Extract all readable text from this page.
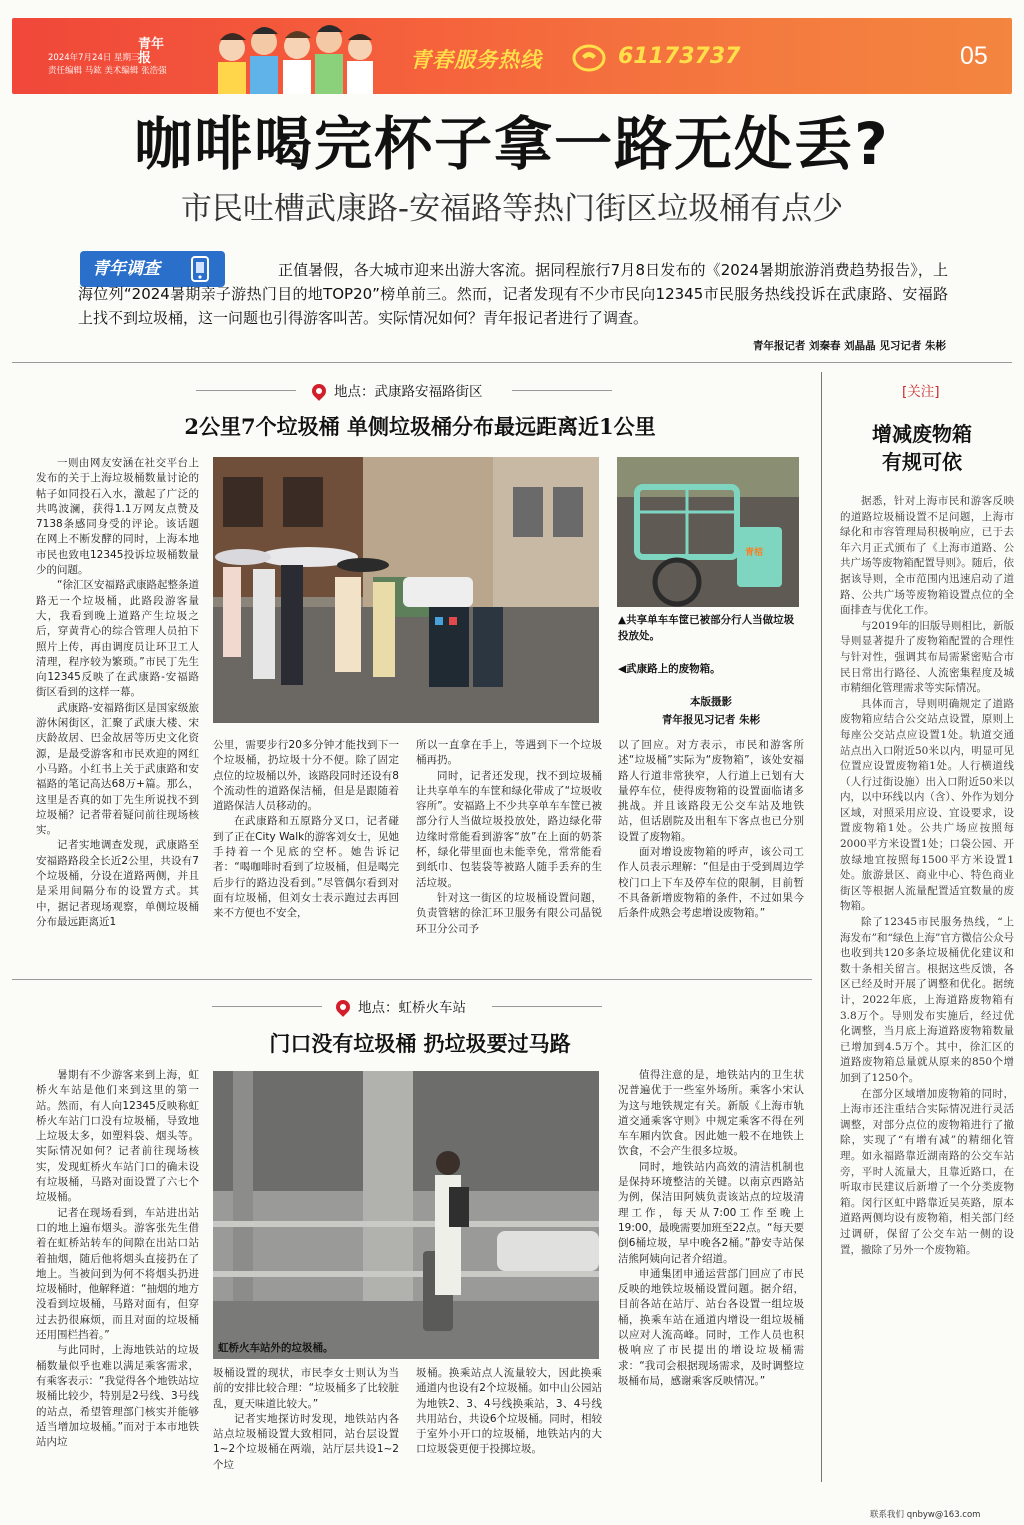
2024年7月24日 星期三
责任编辑 马鈜 美术编辑 张浩强
青年报	青春服务热线	61173737	05
咖啡喝完杯子拿一路无处丢?
市民吐槽武康路-安福路等热门街区垃圾桶有点少
青年调查	正值暑假，各大城市迎来出游大客流。据同程旅行7月8日发布的《2024暑期旅游消费趋势报告》，上海位列“2024暑期亲子游热门目的地TOP20”榜单前三。然而，记者发现有不少市民向12345市民服务热线投诉在武康路、安福路上找不到垃圾桶，这一问题也引得游客叫苦。实际情况如何？青年报记者进行了调查。
青年报记者 刘秦春 刘晶晶 见习记者 朱彬
地点：武康路安福路街区
2公里7个垃圾桶 单侧垃圾桶分布最远距离近1公里

一则由网友安涵在社交平台上发布的关于上海垃圾桶数量讨论的帖子如同投石入水，激起了广泛的共鸣波澜，获得1.1万网友点赞及7138条感同身受的评论。该话题在网上不断发酵的同时，上海本地市民也致电12345投诉垃圾桶数量少的问题。

“徐汇区安福路武康路起整条道路无一个垃圾桶，此路段游客量大，我看到晚上道路产生垃圾之后，穿黄背心的综合管理人员拍下照片上传，再由调度员让环卫工人清理，程序较为繁琐。”市民丁先生向12345反映了在武康路-安福路街区看到的这样一幕。

武康路-安福路街区是国家级旅游休闲街区，汇聚了武康大楼、宋庆龄故居、巴金故居等历史文化资源，是最受游客和市民欢迎的网红小马路。小红书上关于武康路和安福路的笔记高达68万+篇。那么，这里是否真的如丁先生所说找不到垃圾桶？记者带着疑问前往现场核实。

记者实地调查发现，武康路至安福路路段全长近2公里，共设有7个垃圾桶，分设在道路两侧，并且是采用间隔分布的设置方式。其中，据记者现场观察，单侧垃圾桶分布最远距离近1

青桔
▲共享单车车筐已被部分行人当做垃圾投放处。
◀武康路上的废物箱。
本版摄影
青年报见习记者 朱彬

公里，需要步行20多分钟才能找到下一个垃圾桶，扔垃圾十分不便。除了固定点位的垃圾桶以外，该路段同时还设有8个流动性的道路保洁桶，但是是跟随着道路保洁人员移动的。

在武康路和五原路分叉口，记者碰到了正在City Walk的游客刘女士，见她手持着一个见底的空杯。她告诉记者：“喝咖啡时看到了垃圾桶，但是喝完后步行的路边没看到。”尽管偶尔看到对面有垃圾桶，但刘女士表示跑过去再回来不方便也不安全，

所以一直拿在手上，等遇到下一个垃圾桶再扔。

同时，记者还发现，找不到垃圾桶让共享单车的车筐和绿化带成了“垃圾收容所”。安福路上不少共享单车车筐已被部分行人当做垃圾投放处，路边绿化带边缘时常能看到游客“放”在上面的奶茶杯，绿化带里面也未能幸免，常常能看到纸巾、包装袋等被路人随手丢弃的生活垃圾。

针对这一街区的垃圾桶设置问题，负责管辖的徐汇环卫服务有限公司晶锐环卫分公司予

以了回应。对方表示，市民和游客所述“垃圾桶”实际为“废物箱”，该处安福路人行道非常狭窄，人行道上已划有大量停车位，使得废物箱的设置面临诸多挑战。并且该路段无公交车站及地铁站，但话剧院及出租车下客点也已分别设置了废物箱。

面对增设废物箱的呼声，该公司工作人员表示理解：“但是由于受到周边学校门口上下车及停车位的限制，目前暂不具备新增废物箱的条件，不过如果今后条件成熟会考虑增设废物箱。”

地点：虹桥火车站
门口没有垃圾桶 扔垃圾要过马路

暑期有不少游客来到上海，虹桥火车站是他们来到这里的第一站。然而，有人向12345反映称虹桥火车站门口没有垃圾桶，导致地上垃圾太多，如塑料袋、烟头等。实际情况如何？记者前往现场核实，发现虹桥火车站门口的确未设有垃圾桶，马路对面设置了六七个垃圾桶。

记者在现场看到，车站进出站口的地上遍布烟头。游客张先生借着在虹桥站转车的间隙在出站口站着抽烟，随后他将烟头直接扔在了地上。当被问到为何不将烟头扔进垃圾桶时，他解释道：“抽烟的地方没看到垃圾桶，马路对面有，但穿过去扔很麻烦，而且对面的垃圾桶还用围栏挡着。”

与此同时，上海地铁站的垃圾桶数量似乎也难以满足乘客需求，有乘客表示：“我觉得各个地铁站垃圾桶比较少，特别是2号线、3号线的站点，希望管理部门核实并能够适当增加垃圾桶。”而对于本市地铁站内垃

虹桥火车站外的垃圾桶。

圾桶设置的现状，市民李女士则认为当前的安排比较合理：“垃圾桶多了比较脏乱，夏天味道比较大。”

记者实地探访时发现，地铁站内各站点垃圾桶设置大致相同，站台层设置1~2个垃圾桶在两端，站厅层共设1~2个垃

圾桶。换乘站点人流量较大，因此换乘通道内也设有2个垃圾桶。如中山公园站为地铁2、3、4号线换乘站，3、4号线共用站台，共设6个垃圾桶。同时，相较于室外小开口的垃圾桶，地铁站内的大口垃圾袋更便于投掷垃圾。

值得注意的是，地铁站内的卫生状况普遍优于一些室外场所。乘客小宋认为这与地铁规定有关。新版《上海市轨道交通乘客守则》中规定乘客不得在列车车厢内饮食。因此她一般不在地铁上饮食，不会产生很多垃圾。

同时，地铁站内高效的清洁机制也是保持环境整洁的关键。以南京西路站为例，保洁田阿姨负责该站点的垃圾清理工作，每天从7:00工作至晚上19:00，最晚需要加班至22点。“每天要倒6桶垃圾，早中晚各2桶。”静安寺站保洁熊阿姨向记者介绍道。

申通集团申通运营部门回应了市民反映的地铁垃圾桶设置问题。据介绍，目前各站在站厅、站台各设置一组垃圾桶，换乘车站在通道内增设一组垃圾桶以应对人流高峰。同时，工作人员也积极响应了市民提出的增设垃圾桶需求：“我司会根据现场需求，及时调整垃圾桶布局，感谢乘客反映情况。”

[关注]
增减废物箱
有规可依

据悉，针对上海市民和游客反映的道路垃圾桶设置不足问题，上海市绿化和市容管理局积极响应，已于去年六月正式颁布了《上海市道路、公共广场等废物箱配置导则》。随后，依据该导则，全市范围内迅速启动了道路、公共广场等废物箱设置点位的全面排查与优化工作。

与2019年的旧版导则相比，新版导则显著提升了废物箱配置的合理性与针对性，强调其布局需紧密贴合市民日常出行路径、人流密集程度及城市精细化管理需求等实际情况。

具体而言，导则明确规定了道路废物箱应结合公交站点设置，原则上每座公交站点应设置1处。轨道交通站点出入口附近50米以内，明显可见位置应设置废物箱1处。人行横道线（人行过街设施）出入口附近50米以内，以中环线以内（含）、外作为划分区域，对照采用应设、宜设要求，设置废物箱1处。公共广场应按照每2000平方米设置1处；口袋公园、开放绿地宜按照每1500平方米设置1处。旅游景区、商业中心、特色商业街区等根据人流量配置适宜数量的废物箱。

除了12345市民服务热线，“上海发布”和“绿色上海”官方微信公众号也收到共120多条垃圾桶优化建议和数十条相关留言。根据这些反馈，各区已经及时开展了调整和优化。据统计，2022年底，上海道路废物箱有3.8万个。导则发布实施后，经过优化调整，当月底上海道路废物箱数量已增加到4.5万个。其中，徐汇区的道路废物箱总量就从原来的850个增加到了1250个。

在部分区域增加废物箱的同时，上海市还注重结合实际情况进行灵活调整，对部分点位的废物箱进行了撤除，实现了“有增有减”的精细化管理。如永福路靠近湖南路的公交车站旁，平时人流量大，且靠近路口，在听取市民建议后新增了一个分类废物箱。闵行区虹中路靠近吴英路，原本道路两侧均设有废物箱，相关部门经过调研，保留了公交车站一侧的设置，撤除了另外一个废物箱。

联系我们 qnbyw@163.com
